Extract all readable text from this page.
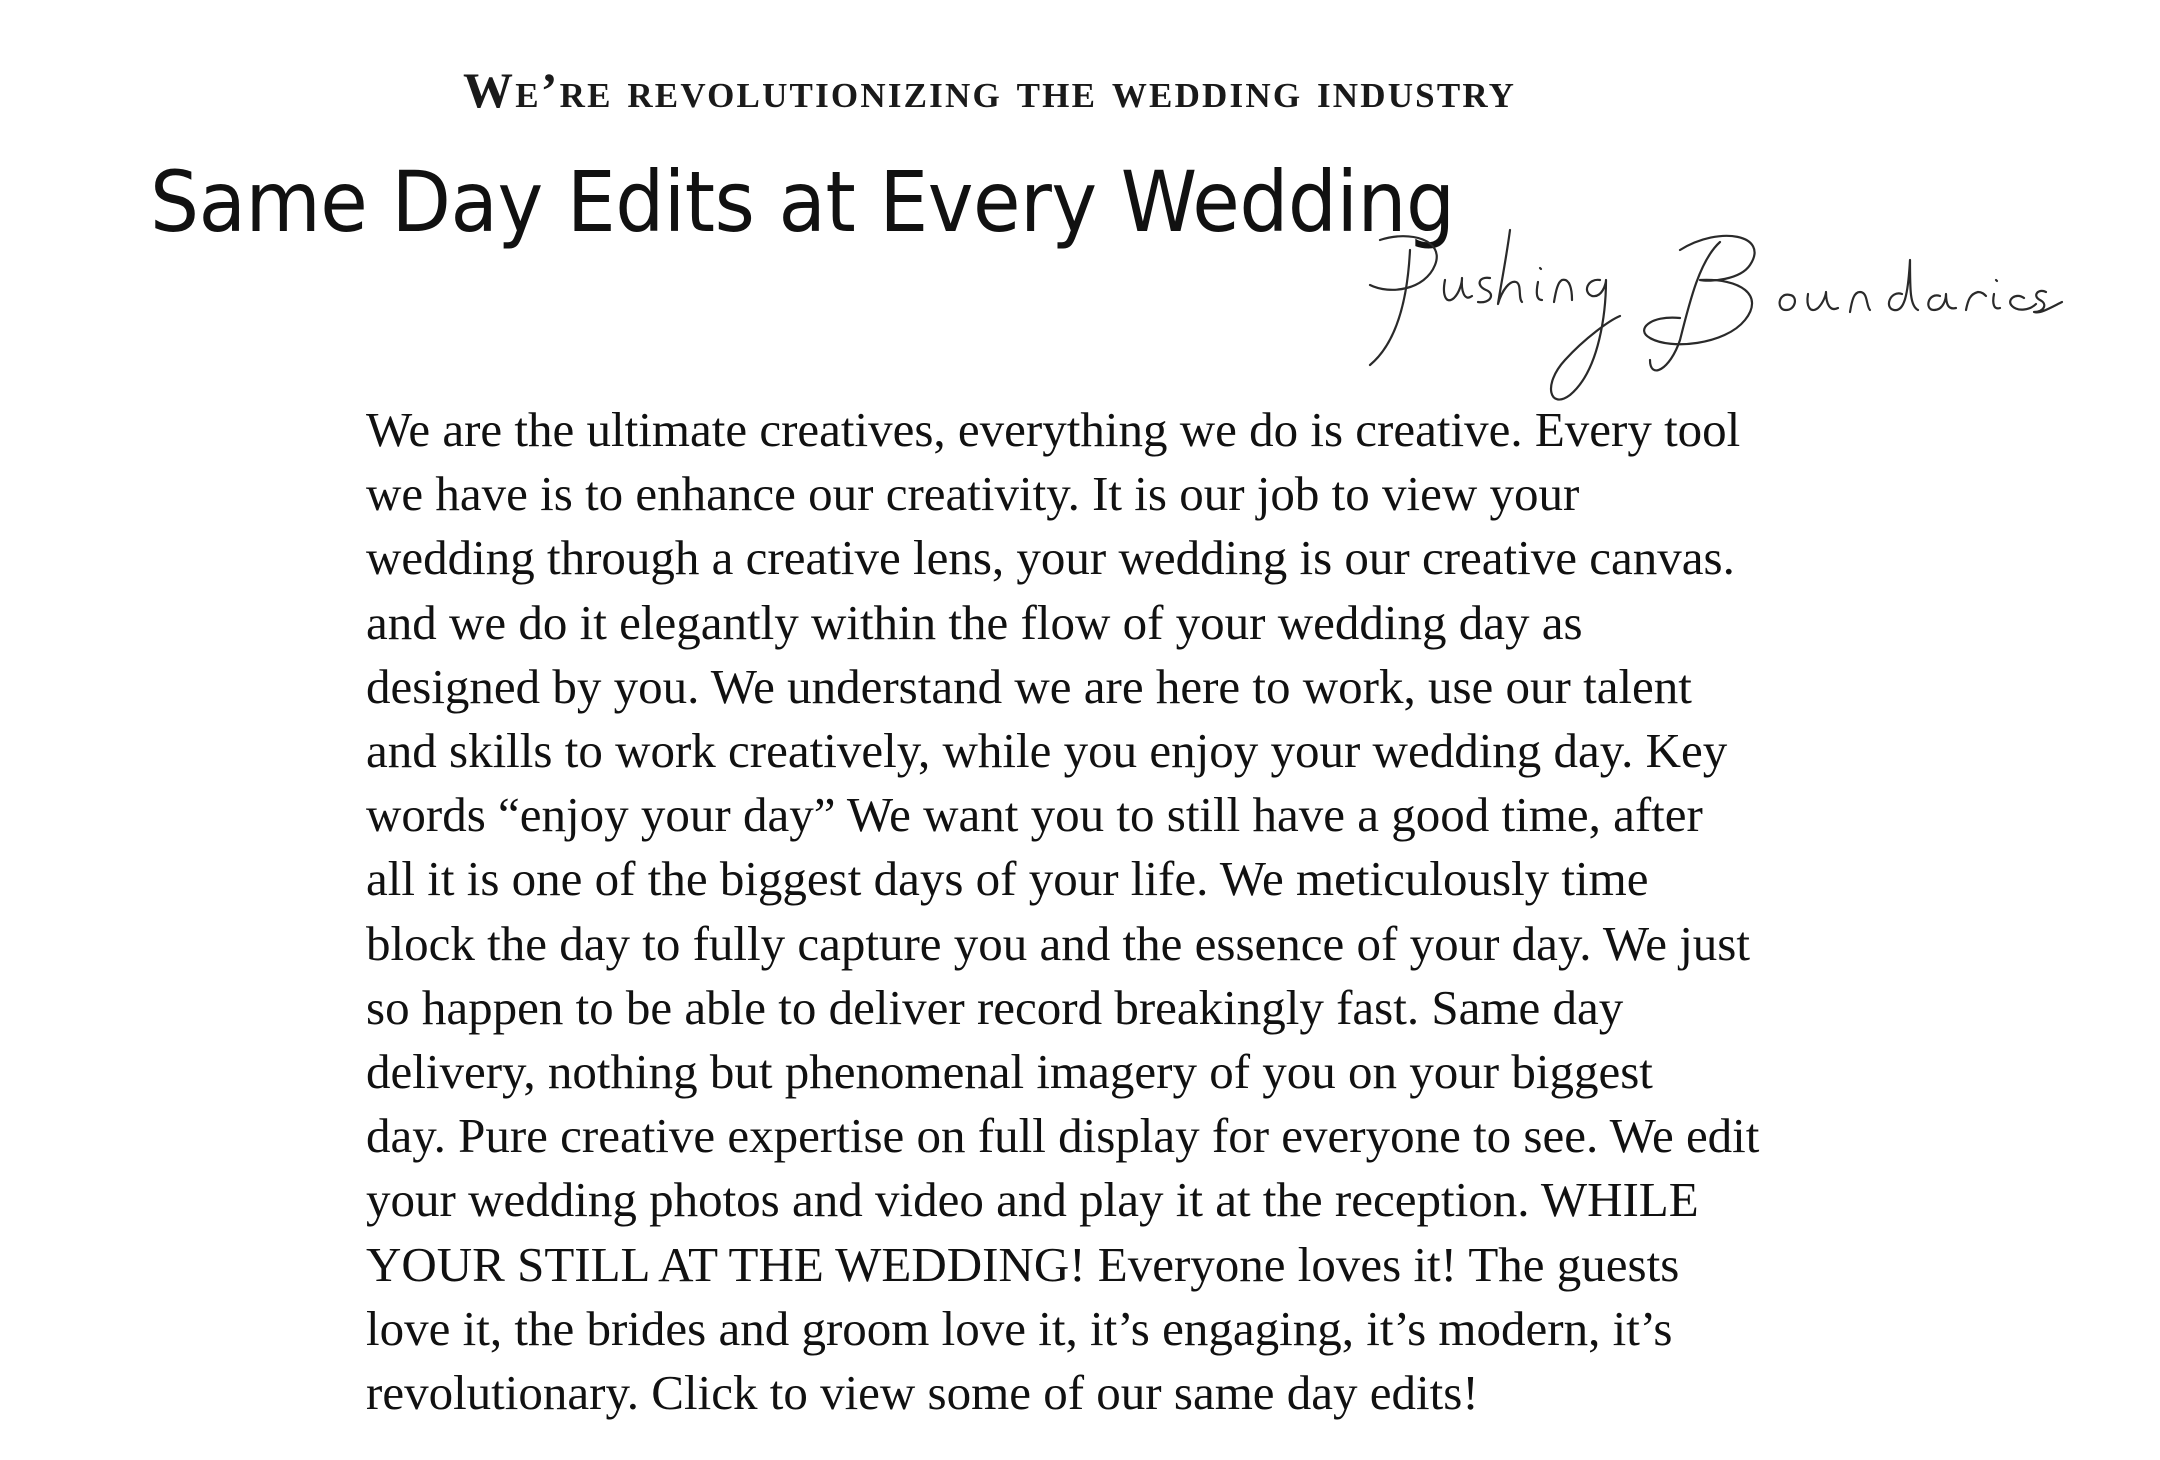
We’re revolutionizing the wedding industry
Same Day Edits at Every Wedding
We are the ultimate creatives, everything we do is creative. Every tool
we have is to enhance our creativity. It is our job to view your
wedding through a creative lens, your wedding is our creative canvas.
and we do it elegantly within the flow of your wedding day as
designed by you. We understand we are here to work, use our talent
and skills to work creatively, while you enjoy your wedding day. Key
words “enjoy your day” We want you to still have a good time, after
all it is one of the biggest days of your life. We meticulously time
block the day to fully capture you and the essence of your day. We just
so happen to be able to deliver record breakingly fast. Same day
delivery, nothing but phenomenal imagery of you on your biggest
day. Pure creative expertise on full display for everyone to see. We edit
your wedding photos and video and play it at the reception. WHILE
YOUR STILL AT THE WEDDING! Everyone loves it! The guests
love it, the brides and groom love it, it’s engaging, it’s modern, it’s
revolutionary. Click to view some of our same day edits!
